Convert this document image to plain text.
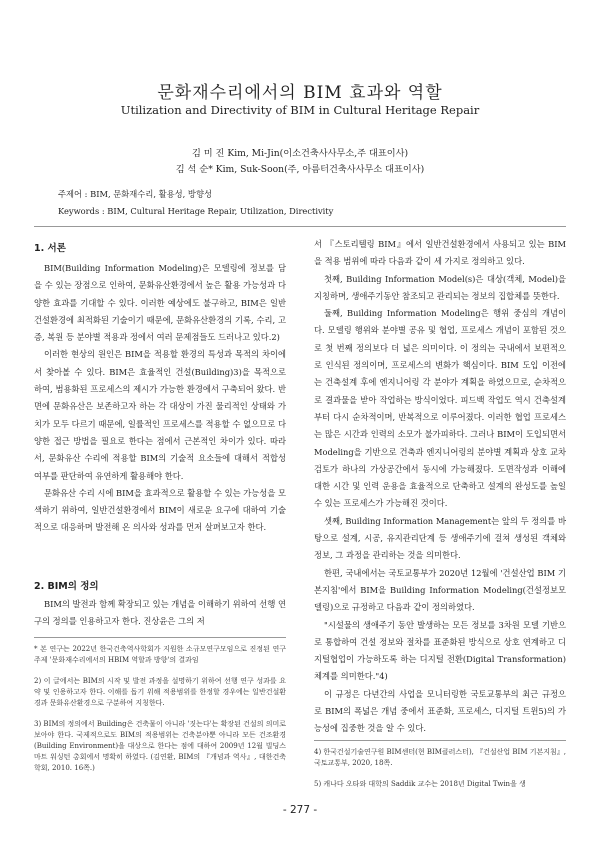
문화재수리에서의 BIM 효과와 역할
Utilization and Directivity of BIM in Cultural Heritage Repair
김 미 진 Kim, Mi-Jin(이소건축사사무소,주 대표이사)
김 석 순* Kim, Suk-Soon(주, 아름터건축사사무소 대표이사)
주제어 : BIM, 문화재수리, 활용성, 방향성
Keywords : BIM, Cultural Heritage Repair, Utilization, Directivity
1. 서론

BIM(Building Information Modeling)은 모델링에 정보를 담을 수 있는 장점으로 인하여, 문화유산환경에서 높은 활용 가능성과 다양한 효과를 기대할 수 있다. 이러한 예상에도 불구하고, BIM은 일반건설환경에 최적화된 기술이기 때문에, 문화유산환경의 기록, 수리, 고증, 복원 등 분야별 적용과 정에서 여러 문제점들도 드러나고 있다.2)

이러한 현상의 원인은 BIM을 적용할 환경의 특성과 목적의 차이에서 찾아볼 수 있다. BIM은 효율적인 건설(Building)3)을 목적으로 하여, 범용화된 프로세스의 제시가 가능한 환경에서 구축되어 왔다. 반면에 문화유산은 보존하고자 하는 각 대상이 가진 물리적인 상태와 가치가 모두 다르기 때문에, 일률적인 프로세스를 적용할 수 없으므로 다양한 접근 방법을 필요로 한다는 점에서 근본적인 차이가 있다. 따라서, 문화유산 수리에 적용할 BIM의 기술적 요소들에 대해서 적합성 여부를 판단하여 유연하게 활용해야 한다.

문화유산 수리 시에 BIM을 효과적으로 활용할 수 있는 가능성을 모색하기 위하여, 일반건설환경에서 BIM이 새로운 요구에 대하여 기술적으로 대응하며 발전해 온 의사와 성과를 먼저 살펴보고자 한다.

2. BIM의 정의

BIM의 발전과 함께 확장되고 있는 개념을 이해하기 위하여 선행 연구의 정의를 인용하고자 한다. 진상윤은 그의 저

* 본 연구는 2022년 한국건축역사학회가 지원한 소규모연구모임으로 진정된 연구 주제 '문화재수리에서의 HBIM 역할과 방향'의 결과임

2) 이 글에서는 BIM의 시작 및 발전 과정을 설명하기 위하여 선행 연구 성과를 요약 및 인용하고자 한다. 이해를 돕기 위해 적용범위를 한정할 경우에는 일반건설환경과 문화유산환경으로 구분하여 지칭한다.

3) BIM의 정의에서 Building은 건축물이 아니라 '짓는다'는 확장된 건설의 의미로 보아야 한다. 국제적으로도 BIM의 적용범위는 건축분야뿐 아니라 모든 건조환경(Building Environment)을 대상으로 한다는 점에 대하여 2009년 12월 빌딩스마트 워싱턴 총회에서 명확히 하였다. (김연환, BIM의 『개념과 역사』, 대한건축학회, 2010. 16쪽.)

서 『스토리텔링 BIM』에서 일반건설환경에서 사용되고 있는 BIM을 적용 범위에 따라 다음과 같이 세 가지로 정의하고 있다.

첫째, Building Information Model(s)은 대상(객체, Model)을 지칭하며, 생애주기동안 참조되고 관리되는 정보의 집합체를 뜻한다.

둘째, Building Information Modeling은 행위 중심의 개념이다. 모델링 행위와 분야별 공유 및 협업, 프로세스 개념이 포함된 것으로 첫 번째 정의보다 더 넓은 의미이다. 이 정의는 국내에서 보편적으로 인식된 정의이며, 프로세스의 변화가 핵심이다. BIM 도입 이전에는 건축설계 후에 엔지니어링 각 분야가 계획을 하였으므로, 순차적으로 결과물을 받아 작업하는 방식이었다. 피드백 작업도 역시 건축설계부터 다시 순차적이며, 반복적으로 이루어졌다. 이러한 협업 프로세스는 많은 시간과 인력의 소모가 불가피하다. 그러나 BIM이 도입되면서 Modeling을 기반으로 건축과 엔지니어링의 분야별 계획과 상호 교차검토가 하나의 가상공간에서 동시에 가능해졌다. 도면작성과 이해에 대한 시간 및 인력 운용을 효율적으로 단축하고 설계의 완성도를 높일 수 있는 프로세스가 가능해진 것이다.

셋째, Building Information Management는 앞의 두 정의를 바탕으로 설계, 시공, 유지관리단계 등 생애주기에 걸쳐 생성된 객체와 정보, 그 과정을 관리하는 것을 의미한다.

한편, 국내에서는 국토교통부가 2020년 12월에 '건설산업 BIM 기본지침'에서 BIM을 Building Information Modeling(건설정보모델링)으로 규정하고 다음과 같이 정의하였다.

"시설물의 생애주기 동안 발생하는 모든 정보를 3차원 모델 기반으로 통합하여 건설 정보와 절차를 표준화된 방식으로 상호 연계하고 디지털협업이 가능하도록 하는 디지털 전환(Digital Transformation) 체계를 의미한다."4)

이 규정은 다년간의 사업을 모니터링한 국토교통부의 최근 규정으로 BIM의 폭넓은 개념 중에서 표준화, 프로세스, 디지털 트윈5)의 가능성에 집중한 것을 알 수 있다.

4) 한국건설기술연구원 BIM센터(현 BIM클러스터), 『건설산업 BIM 기본지침』, 국토교통부, 2020, 18쪽.

5) 캐나다 오타와 대학의 Saddik 교수는 2018년 Digital Twin을 생

- 277 -
